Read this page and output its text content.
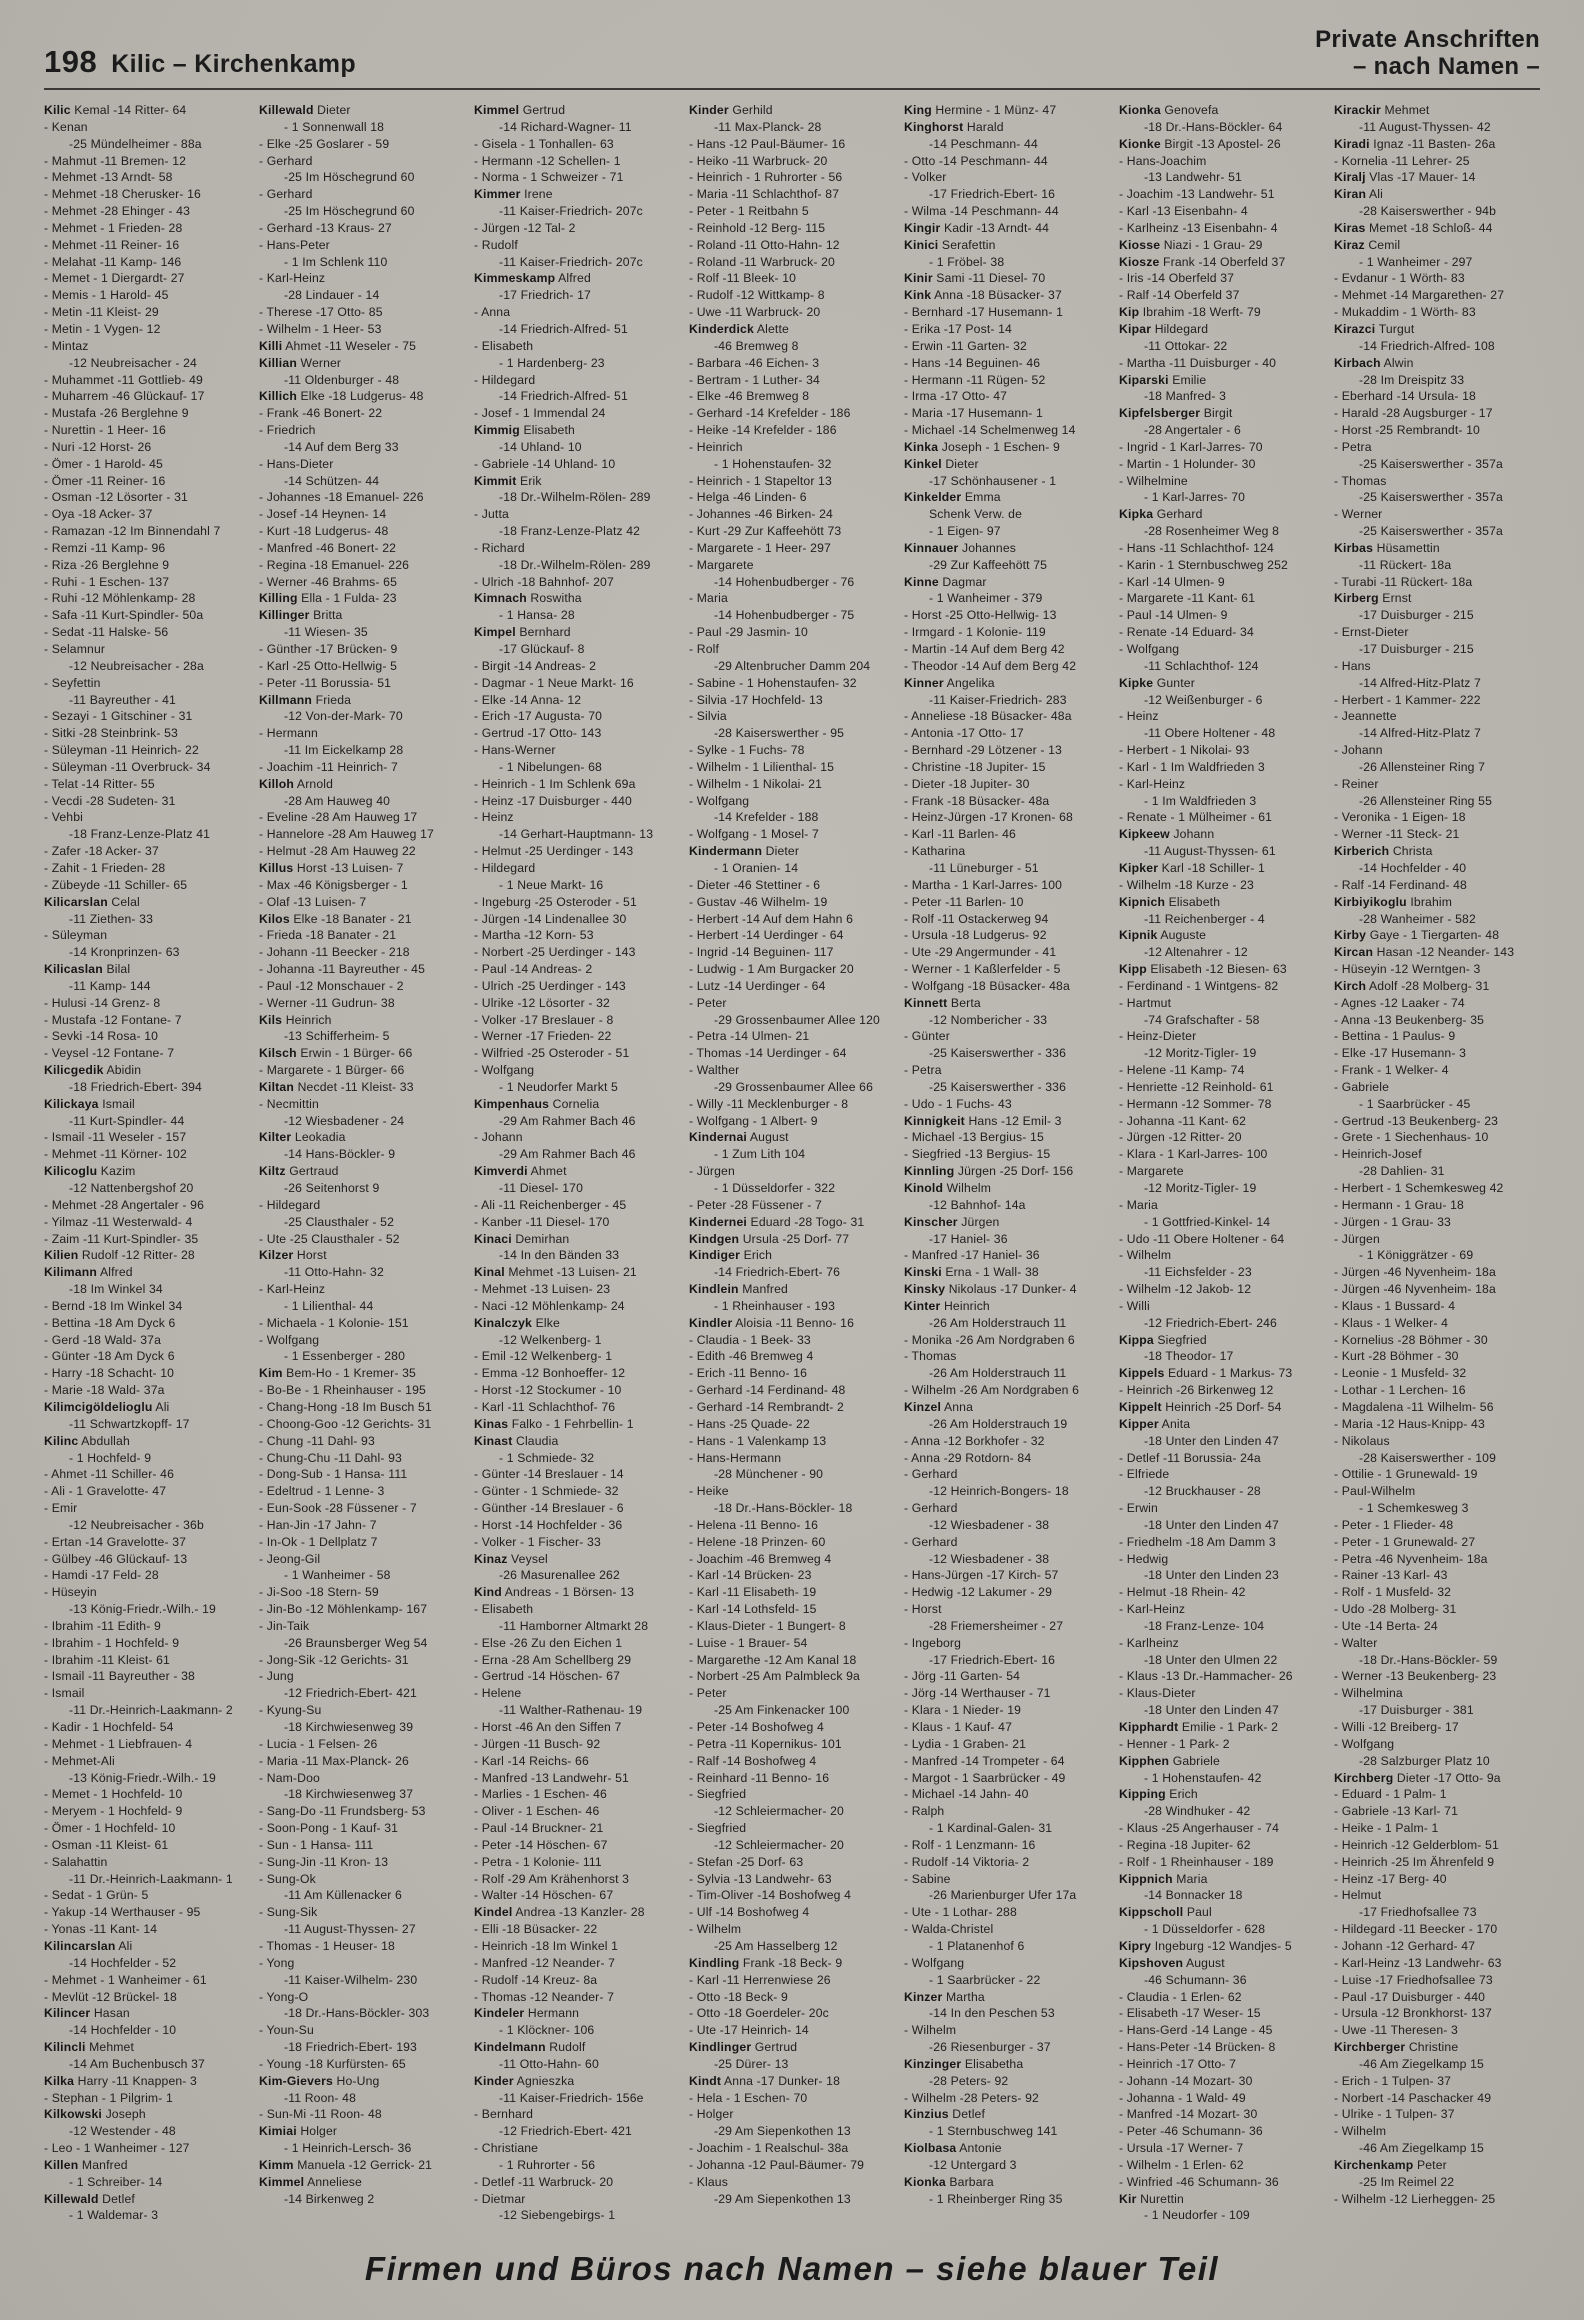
198 Kilic – Kirchenkamp
Private Anschriften
– nach Namen –
Kilic Kemal -14 Ritter- 64
- Kenan
-25 Mündelheimer - 88a
- Mahmut -11 Bremen- 12
- Mehmet -13 Arndt- 58
- Mehmet -18 Cherusker- 16
- Mehmet -28 Ehinger - 43
- Mehmet - 1 Frieden- 28
- Mehmet -11 Reiner- 16
- Melahat -11 Kamp- 146
- Memet - 1 Diergardt- 27
- Memis - 1 Harold- 45
- Metin -11 Kleist- 29
- Metin - 1 Vygen- 12
- Mintaz
-12 Neubreisacher - 24
- Muhammet -11 Gottlieb- 49
- Muharrem -46 Glückauf- 17
- Mustafa -26 Berglehne 9
- Nurettin - 1 Heer- 16
- Nuri -12 Horst- 26
- Ömer - 1 Harold- 45
- Ömer -11 Reiner- 16
- Osman -12 Lösorter - 31
- Oya -18 Acker- 37
- Ramazan -12 Im Binnendahl 7
- Remzi -11 Kamp- 96
- Riza -26 Berglehne 9
- Ruhi - 1 Eschen- 137
- Ruhi -12 Möhlenkamp- 28
- Safa -11 Kurt-Spindler- 50a
- Sedat -11 Halske- 56
- Selamnur
-12 Neubreisacher - 28a
- Seyfettin
-11 Bayreuther - 41
- Sezayi - 1 Gitschiner - 31
- Sitki -28 Steinbrink- 53
- Süleyman -11 Heinrich- 22
- Süleyman -11 Overbruck- 34
- Telat -14 Ritter- 55
- Vecdi -28 Sudeten- 31
- Vehbi
-18 Franz-Lenze-Platz 41
- Zafer -18 Acker- 37
- Zahit - 1 Frieden- 28
- Zübeyde -11 Schiller- 65
Kilicarslan Celal
-11 Ziethen- 33
- Süleyman
-14 Kronprinzen- 63
Kilicaslan Bilal
-11 Kamp- 144
- Hulusi -14 Grenz- 8
- Mustafa -12 Fontane- 7
- Sevki -14 Rosa- 10
- Veysel -12 Fontane- 7
Kilicgedik Abidin
-18 Friedrich-Ebert- 394
Kilickaya Ismail
-11 Kurt-Spindler- 44
- Ismail -11 Weseler - 157
- Mehmet -11 Körner- 102
Kilicoglu Kazim
-12 Nattenbergshof 20
- Mehmet -28 Angertaler - 96
- Yilmaz -11 Westerwald- 4
- Zaim -11 Kurt-Spindler- 35
Kilien Rudolf -12 Ritter- 28
Kilimann Alfred
-18 Im Winkel 34
- Bernd -18 Im Winkel 34
- Bettina -18 Am Dyck 6
- Gerd -18 Wald- 37a
- Günter -18 Am Dyck 6
- Harry -18 Schacht- 10
- Marie -18 Wald- 37a
Kilimcigöldelioglu Ali
-11 Schwartzkopff- 17
Kilinc Abdullah
- 1 Hochfeld- 9
- Ahmet -11 Schiller- 46
- Ali - 1 Gravelotte- 47
- Emir
-12 Neubreisacher - 36b
- Ertan -14 Gravelotte- 37
- Gülbey -46 Glückauf- 13
- Hamdi -17 Feld- 28
- Hüseyin
-13 König-Friedr.-Wilh.- 19
- Ibrahim -11 Edith- 9
- Ibrahim - 1 Hochfeld- 9
- Ibrahim -11 Kleist- 61
- Ismail -11 Bayreuther - 38
- Ismail
-11 Dr.-Heinrich-Laakmann- 2
- Kadir - 1 Hochfeld- 54
- Mehmet - 1 Liebfrauen- 4
- Mehmet-Ali
-13 König-Friedr.-Wilh.- 19
- Memet - 1 Hochfeld- 10
- Meryem - 1 Hochfeld- 9
- Ömer - 1 Hochfeld- 10
- Osman -11 Kleist- 61
- Salahattin
-11 Dr.-Heinrich-Laakmann- 1
- Sedat - 1 Grün- 5
- Yakup -14 Werthauser - 95
- Yonas -11 Kant- 14
Kilincarslan Ali
-14 Hochfelder - 52
- Mehmet - 1 Wanheimer - 61
- Mevlüt -12 Brückel- 18
Kilincer Hasan
-14 Hochfelder - 10
Kilincli Mehmet
-14 Am Buchenbusch 37
Kilka Harry -11 Knappen- 3
- Stephan - 1 Pilgrim- 1
Kilkowski Joseph
-12 Westender - 48
- Leo - 1 Wanheimer - 127
Killen Manfred
- 1 Schreiber- 14
Killewald Detlef
- 1 Waldemar- 3
Killewald Dieter
- 1 Sonnenwall 18
- Elke -25 Goslarer - 59
- Gerhard
-25 Im Höschegrund 60
- Gerhard
-25 Im Höschegrund 60
- Gerhard -13 Kraus- 27
- Hans-Peter
- 1 Im Schlenk 110
- Karl-Heinz
-28 Lindauer - 14
- Therese -17 Otto- 85
- Wilhelm - 1 Heer- 53
Killi Ahmet -11 Weseler - 75
Killian Werner
-11 Oldenburger - 48
Killich Elke -18 Ludgerus- 48
- Frank -46 Bonert- 22
- Friedrich
-14 Auf dem Berg 33
- Hans-Dieter
-14 Schützen- 44
- Johannes -18 Emanuel- 226
- Josef -14 Heynen- 14
- Kurt -18 Ludgerus- 48
- Manfred -46 Bonert- 22
- Regina -18 Emanuel- 226
- Werner -46 Brahms- 65
Killing Ella - 1 Fulda- 23
Killinger Britta
-11 Wiesen- 35
- Günther -17 Brücken- 9
- Karl -25 Otto-Hellwig- 5
- Peter -11 Borussia- 51
Killmann Frieda
-12 Von-der-Mark- 70
- Hermann
-11 Im Eickelkamp 28
- Joachim -11 Heinrich- 7
Killoh Arnold
-28 Am Hauweg 40
- Eveline -28 Am Hauweg 17
- Hannelore -28 Am Hauweg 17
- Helmut -28 Am Hauweg 22
Killus Horst -13 Luisen- 7
- Max -46 Königsberger - 1
- Olaf -13 Luisen- 7
Kilos Elke -18 Banater - 21
- Frieda -18 Banater - 21
- Johann -11 Beecker - 218
- Johanna -11 Bayreuther - 45
- Paul -12 Monschauer - 2
- Werner -11 Gudrun- 38
Kils Heinrich
-13 Schifferheim- 5
Kilsch Erwin - 1 Bürger- 66
- Margarete - 1 Bürger- 66
Kiltan Necdet -11 Kleist- 33
- Necmittin
-12 Wiesbadener - 24
Kilter Leokadia
-14 Hans-Böckler- 9
Kiltz Gertraud
-26 Seitenhorst 9
- Hildegard
-25 Clausthaler - 52
- Ute -25 Clausthaler - 52
Kilzer Horst
-11 Otto-Hahn- 32
- Karl-Heinz
- 1 Lilienthal- 44
- Michaela - 1 Kolonie- 151
- Wolfgang
- 1 Essenberger - 280
Kim Bem-Ho - 1 Kremer- 35
- Bo-Be - 1 Rheinhauser - 195
- Chang-Hong -18 Im Busch 51
- Choong-Goo -12 Gerichts- 31
- Chung -11 Dahl- 93
- Chung-Chu -11 Dahl- 93
- Dong-Sub - 1 Hansa- 111
- Edeltrud - 1 Lenne- 3
- Eun-Sook -28 Füssener - 7
- Han-Jin -17 Jahn- 7
- In-Ok - 1 Dellplatz 7
- Jeong-Gil
- 1 Wanheimer - 58
- Ji-Soo -18 Stern- 59
- Jin-Bo -12 Möhlenkamp- 167
- Jin-Taik
-26 Braunsberger Weg 54
- Jong-Sik -12 Gerichts- 31
- Jung
-12 Friedrich-Ebert- 421
- Kyung-Su
-18 Kirchwiesenweg 39
- Lucia - 1 Felsen- 26
- Maria -11 Max-Planck- 26
- Nam-Doo
-18 Kirchwiesenweg 37
- Sang-Do -11 Frundsberg- 53
- Soon-Pong - 1 Kauf- 31
- Sun - 1 Hansa- 111
- Sung-Jin -11 Kron- 13
- Sung-Ok
-11 Am Küllenacker 6
- Sung-Sik
-11 August-Thyssen- 27
- Thomas - 1 Heuser- 18
- Yong
-11 Kaiser-Wilhelm- 230
- Yong-O
-18 Dr.-Hans-Böckler- 303
- Youn-Su
-18 Friedrich-Ebert- 193
- Young -18 Kurfürsten- 65
Kim-Gievers Ho-Ung
-11 Roon- 48
- Sun-Mi -11 Roon- 48
Kimiai Holger
- 1 Heinrich-Lersch- 36
Kimm Manuela -12 Gerrick- 21
Kimmel Anneliese
-14 Birkenweg 2
Kimmel Gertrud
-14 Richard-Wagner- 11
- Gisela - 1 Tonhallen- 63
- Hermann -12 Schellen- 1
- Norma - 1 Schweizer - 71
Kimmer Irene
-11 Kaiser-Friedrich- 207c
- Jürgen -12 Tal- 2
- Rudolf
-11 Kaiser-Friedrich- 207c
Kimmeskamp Alfred
-17 Friedrich- 17
- Anna
-14 Friedrich-Alfred- 51
- Elisabeth
- 1 Hardenberg- 23
- Hildegard
-14 Friedrich-Alfred- 51
- Josef - 1 Immendal 24
Kimmig Elisabeth
-14 Uhland- 10
- Gabriele -14 Uhland- 10
Kimmit Erik
-18 Dr.-Wilhelm-Rölen- 289
- Jutta
-18 Franz-Lenze-Platz 42
- Richard
-18 Dr.-Wilhelm-Rölen- 289
- Ulrich -18 Bahnhof- 207
Kimnach Roswitha
- 1 Hansa- 28
Kimpel Bernhard
-17 Glückauf- 8
- Birgit -14 Andreas- 2
- Dagmar - 1 Neue Markt- 16
- Elke -14 Anna- 12
- Erich -17 Augusta- 70
- Gertrud -17 Otto- 143
- Hans-Werner
- 1 Nibelungen- 68
- Heinrich - 1 Im Schlenk 69a
- Heinz -17 Duisburger - 440
- Heinz
-14 Gerhart-Hauptmann- 13
- Helmut -25 Uerdinger - 143
- Hildegard
- 1 Neue Markt- 16
- Ingeburg -25 Osteroder - 51
- Jürgen -14 Lindenallee 30
- Martha -12 Korn- 53
- Norbert -25 Uerdinger - 143
- Paul -14 Andreas- 2
- Ulrich -25 Uerdinger - 143
- Ulrike -12 Lösorter - 32
- Volker -17 Breslauer - 8
- Werner -17 Frieden- 22
- Wilfried -25 Osteroder - 51
- Wolfgang
- 1 Neudorfer Markt 5
Kimpenhaus Cornelia
-29 Am Rahmer Bach 46
- Johann
-29 Am Rahmer Bach 46
Kimverdi Ahmet
-11 Diesel- 170
- Ali -11 Reichenberger - 45
- Kanber -11 Diesel- 170
Kinaci Demirhan
-14 In den Bänden 33
Kinal Mehmet -13 Luisen- 21
- Mehmet -13 Luisen- 23
- Naci -12 Möhlenkamp- 24
Kinalczyk Elke
-12 Welkenberg- 1
- Emil -12 Welkenberg- 1
- Emma -12 Bonhoeffer- 12
- Horst -12 Stockumer - 10
- Karl -11 Schlachthof- 76
Kinas Falko - 1 Fehrbellin- 1
Kinast Claudia
- 1 Schmiede- 32
- Günter -14 Breslauer - 14
- Günter - 1 Schmiede- 32
- Günther -14 Breslauer - 6
- Horst -14 Hochfelder - 36
- Volker - 1 Fischer- 33
Kinaz Veysel
-26 Masurenallee 262
Kind Andreas - 1 Börsen- 13
- Elisabeth
-11 Hamborner Altmarkt 28
- Else -26 Zu den Eichen 1
- Erna -28 Am Schellberg 29
- Gertrud -14 Höschen- 67
- Helene
-11 Walther-Rathenau- 19
- Horst -46 An den Siffen 7
- Jürgen -11 Busch- 92
- Karl -14 Reichs- 66
- Manfred -13 Landwehr- 51
- Marlies - 1 Eschen- 46
- Oliver - 1 Eschen- 46
- Paul -14 Bruckner- 21
- Peter -14 Höschen- 67
- Petra - 1 Kolonie- 111
- Rolf -29 Am Krähenhorst 3
- Walter -14 Höschen- 67
Kindel Andrea -13 Kanzler- 28
- Elli -18 Büsacker- 22
- Heinrich -18 Im Winkel 1
- Manfred -12 Neander- 7
- Rudolf -14 Kreuz- 8a
- Thomas -12 Neander- 7
Kindeler Hermann
- 1 Klöckner- 106
Kindelmann Rudolf
-11 Otto-Hahn- 60
Kinder Agnieszka
-11 Kaiser-Friedrich- 156e
- Bernhard
-12 Friedrich-Ebert- 421
- Christiane
- 1 Ruhrorter - 56
- Detlef -11 Warbruck- 20
- Dietmar
-12 Siebengebirgs- 1
Kinder Gerhild
-11 Max-Planck- 28
- Hans -12 Paul-Bäumer- 16
- Heiko -11 Warbruck- 20
- Heinrich - 1 Ruhrorter - 56
- Maria -11 Schlachthof- 87
- Peter - 1 Reitbahn 5
- Reinhold -12 Berg- 115
- Roland -11 Otto-Hahn- 12
- Roland -11 Warbruck- 20
- Rolf -11 Bleek- 10
- Rudolf -12 Wittkamp- 8
- Uwe -11 Warbruck- 20
Kinderdick Alette
-46 Bremweg 8
- Barbara -46 Eichen- 3
- Bertram - 1 Luther- 34
- Elke -46 Bremweg 8
- Gerhard -14 Krefelder - 186
- Heike -14 Krefelder - 186
- Heinrich
- 1 Hohenstaufen- 32
- Heinrich - 1 Stapeltor 13
- Helga -46 Linden- 6
- Johannes -46 Birken- 24
- Kurt -29 Zur Kaffeehött 73
- Margarete - 1 Heer- 297
- Margarete
-14 Hohenbudberger - 76
- Maria
-14 Hohenbudberger - 75
- Paul -29 Jasmin- 10
- Rolf
-29 Altenbrucher Damm 204
- Sabine - 1 Hohenstaufen- 32
- Silvia -17 Hochfeld- 13
- Silvia
-28 Kaiserswerther - 95
- Sylke - 1 Fuchs- 78
- Wilhelm - 1 Lilienthal- 15
- Wilhelm - 1 Nikolai- 21
- Wolfgang
-14 Krefelder - 188
- Wolfgang - 1 Mosel- 7
Kindermann Dieter
- 1 Oranien- 14
- Dieter -46 Stettiner - 6
- Gustav -46 Wilhelm- 19
- Herbert -14 Auf dem Hahn 6
- Herbert -14 Uerdinger - 64
- Ingrid -14 Beguinen- 117
- Ludwig - 1 Am Burgacker 20
- Lutz -14 Uerdinger - 64
- Peter
-29 Grossenbaumer Allee 120
- Petra -14 Ulmen- 21
- Thomas -14 Uerdinger - 64
- Walther
-29 Grossenbaumer Allee 66
- Willy -11 Mecklenburger - 8
- Wolfgang - 1 Albert- 9
Kindernai August
- 1 Zum Lith 104
- Jürgen
- 1 Düsseldorfer - 322
- Peter -28 Füssener - 7
Kindernei Eduard -28 Togo- 31
Kindgen Ursula -25 Dorf- 77
Kindiger Erich
-14 Friedrich-Ebert- 76
Kindlein Manfred
- 1 Rheinhauser - 193
Kindler Aloisia -11 Benno- 16
- Claudia - 1 Beek- 33
- Edith -46 Bremweg 4
- Erich -11 Benno- 16
- Gerhard -14 Ferdinand- 48
- Gerhard -14 Rembrandt- 2
- Hans -25 Quade- 22
- Hans - 1 Valenkamp 13
- Hans-Hermann
-28 Münchener - 90
- Heike
-18 Dr.-Hans-Böckler- 18
- Helena -11 Benno- 16
- Helene -18 Prinzen- 60
- Joachim -46 Bremweg 4
- Karl -14 Brücken- 23
- Karl -11 Elisabeth- 19
- Karl -14 Lothsfeld- 15
- Klaus-Dieter - 1 Bungert- 8
- Luise - 1 Brauer- 54
- Margarethe -12 Am Kanal 18
- Norbert -25 Am Palmbleck 9a
- Peter
-25 Am Finkenacker 100
- Peter -14 Boshofweg 4
- Petra -11 Kopernikus- 101
- Ralf -14 Boshofweg 4
- Reinhard -11 Benno- 16
- Siegfried
-12 Schleiermacher- 20
- Siegfried
-12 Schleiermacher- 20
- Stefan -25 Dorf- 63
- Sylvia -13 Landwehr- 63
- Tim-Oliver -14 Boshofweg 4
- Ulf -14 Boshofweg 4
- Wilhelm
-25 Am Hasselberg 12
Kindling Frank -18 Beck- 9
- Karl -11 Herrenwiese 26
- Otto -18 Beck- 9
- Otto -18 Goerdeler- 20c
- Ute -17 Heinrich- 14
Kindlinger Gertrud
-25 Dürer- 13
Kindt Anna -17 Dunker- 18
- Hela - 1 Eschen- 70
- Holger
-29 Am Siepenkothen 13
- Joachim - 1 Realschul- 38a
- Johanna -12 Paul-Bäumer- 79
- Klaus
-29 Am Siepenkothen 13
King Hermine - 1 Münz- 47
Kinghorst Harald
-14 Peschmann- 44
- Otto -14 Peschmann- 44
- Volker
-17 Friedrich-Ebert- 16
- Wilma -14 Peschmann- 44
Kingir Kadir -13 Arndt- 44
Kinici Serafettin
- 1 Fröbel- 38
Kinir Sami -11 Diesel- 70
Kink Anna -18 Büsacker- 37
- Bernhard -17 Husemann- 1
- Erika -17 Post- 14
- Erwin -11 Garten- 32
- Hans -14 Beguinen- 46
- Hermann -11 Rügen- 52
- Irma -17 Otto- 47
- Maria -17 Husemann- 1
- Michael -14 Schelmenweg 14
Kinka Joseph - 1 Eschen- 9
Kinkel Dieter
-17 Schönhausener - 1
Kinkelder Emma
Schenk Verw. de
- 1 Eigen- 97
Kinnauer Johannes
-29 Zur Kaffeehött 75
Kinne Dagmar
- 1 Wanheimer - 379
- Horst -25 Otto-Hellwig- 13
- Irmgard - 1 Kolonie- 119
- Martin -14 Auf dem Berg 42
- Theodor -14 Auf dem Berg 42
Kinner Angelika
-11 Kaiser-Friedrich- 283
- Anneliese -18 Büsacker- 48a
- Antonia -17 Otto- 17
- Bernhard -29 Lötzener - 13
- Christine -18 Jupiter- 15
- Dieter -18 Jupiter- 30
- Frank -18 Büsacker- 48a
- Heinz-Jürgen -17 Kronen- 68
- Karl -11 Barlen- 46
- Katharina
-11 Lüneburger - 51
- Martha - 1 Karl-Jarres- 100
- Peter -11 Barlen- 10
- Rolf -11 Ostackerweg 94
- Ursula -18 Ludgerus- 92
- Ute -29 Angermunder - 41
- Werner - 1 Kaßlerfelder - 5
- Wolfgang -18 Büsacker- 48a
Kinnett Berta
-12 Nombericher - 33
- Günter
-25 Kaiserswerther - 336
- Petra
-25 Kaiserswerther - 336
- Udo - 1 Fuchs- 43
Kinnigkeit Hans -12 Emil- 3
- Michael -13 Bergius- 15
- Siegfried -13 Bergius- 15
Kinnling Jürgen -25 Dorf- 156
Kinold Wilhelm
-12 Bahnhof- 14a
Kinscher Jürgen
-17 Haniel- 36
- Manfred -17 Haniel- 36
Kinski Erna - 1 Wall- 38
Kinsky Nikolaus -17 Dunker- 4
Kinter Heinrich
-26 Am Holderstrauch 11
- Monika -26 Am Nordgraben 6
- Thomas
-26 Am Holderstrauch 11
- Wilhelm -26 Am Nordgraben 6
Kinzel Anna
-26 Am Holderstrauch 19
- Anna -12 Borkhofer - 32
- Anna -29 Rotdorn- 84
- Gerhard
-12 Heinrich-Bongers- 18
- Gerhard
-12 Wiesbadener - 38
- Gerhard
-12 Wiesbadener - 38
- Hans-Jürgen -17 Kirch- 57
- Hedwig -12 Lakumer - 29
- Horst
-28 Friemersheimer - 27
- Ingeborg
-17 Friedrich-Ebert- 16
- Jörg -11 Garten- 54
- Jörg -14 Werthauser - 71
- Klara - 1 Nieder- 19
- Klaus - 1 Kauf- 47
- Lydia - 1 Graben- 21
- Manfred -14 Trompeter - 64
- Margot - 1 Saarbrücker - 49
- Michael -14 Jahn- 40
- Ralph
- 1 Kardinal-Galen- 31
- Rolf - 1 Lenzmann- 16
- Rudolf -14 Viktoria- 2
- Sabine
-26 Marienburger Ufer 17a
- Ute - 1 Lothar- 288
- Walda-Christel
- 1 Platanenhof 6
- Wolfgang
- 1 Saarbrücker - 22
Kinzer Martha
-14 In den Peschen 53
- Wilhelm
-26 Riesenburger - 37
Kinzinger Elisabetha
-28 Peters- 92
- Wilhelm -28 Peters- 92
Kinzius Detlef
- 1 Sternbuschweg 141
Kiolbasa Antonie
-12 Untergard 3
Kionka Barbara
- 1 Rheinberger Ring 35
Kionka Genovefa
-18 Dr.-Hans-Böckler- 64
Kionke Birgit -13 Apostel- 26
- Hans-Joachim
-13 Landwehr- 51
- Joachim -13 Landwehr- 51
- Karl -13 Eisenbahn- 4
- Karlheinz -13 Eisenbahn- 4
Kiosse Niazi - 1 Grau- 29
Kiosze Frank -14 Oberfeld 37
- Iris -14 Oberfeld 37
- Ralf -14 Oberfeld 37
Kip Ibrahim -18 Werft- 79
Kipar Hildegard
-11 Ottokar- 22
- Martha -11 Duisburger - 40
Kiparski Emilie
-18 Manfred- 3
Kipfelsberger Birgit
-28 Angertaler - 6
- Ingrid - 1 Karl-Jarres- 70
- Martin - 1 Holunder- 30
- Wilhelmine
- 1 Karl-Jarres- 70
Kipka Gerhard
-28 Rosenheimer Weg 8
- Hans -11 Schlachthof- 124
- Karin - 1 Sternbuschweg 252
- Karl -14 Ulmen- 9
- Margarete -11 Kant- 61
- Paul -14 Ulmen- 9
- Renate -14 Eduard- 34
- Wolfgang
-11 Schlachthof- 124
Kipke Gunter
-12 Weißenburger - 6
- Heinz
-11 Obere Holtener - 48
- Herbert - 1 Nikolai- 93
- Karl - 1 Im Waldfrieden 3
- Karl-Heinz
- 1 Im Waldfrieden 3
- Renate - 1 Mülheimer - 61
Kipkeew Johann
-11 August-Thyssen- 61
Kipker Karl -18 Schiller- 1
- Wilhelm -18 Kurze - 23
Kipnich Elisabeth
-11 Reichenberger - 4
Kipnik Auguste
-12 Altenahrer - 12
Kipp Elisabeth -12 Biesen- 63
- Ferdinand - 1 Wintgens- 82
- Hartmut
-74 Grafschafter - 58
- Heinz-Dieter
-12 Moritz-Tigler- 19
- Helene -11 Kamp- 74
- Henriette -12 Reinhold- 61
- Hermann -12 Sommer- 78
- Johanna -11 Kant- 62
- Jürgen -12 Ritter- 20
- Klara - 1 Karl-Jarres- 100
- Margarete
-12 Moritz-Tigler- 19
- Maria
- 1 Gottfried-Kinkel- 14
- Udo -11 Obere Holtener - 64
- Wilhelm
-11 Eichsfelder - 23
- Wilhelm -12 Jakob- 12
- Willi
-12 Friedrich-Ebert- 246
Kippa Siegfried
-18 Theodor- 17
Kippels Eduard - 1 Markus- 73
- Heinrich -26 Birkenweg 12
Kippelt Heinrich -25 Dorf- 54
Kipper Anita
-18 Unter den Linden 47
- Detlef -11 Borussia- 24a
- Elfriede
-12 Bruckhauser - 28
- Erwin
-18 Unter den Linden 47
- Friedhelm -18 Am Damm 3
- Hedwig
-18 Unter den Linden 23
- Helmut -18 Rhein- 42
- Karl-Heinz
-18 Franz-Lenze- 104
- Karlheinz
-18 Unter den Ulmen 22
- Klaus -13 Dr.-Hammacher- 26
- Klaus-Dieter
-18 Unter den Linden 47
Kipphardt Emilie - 1 Park- 2
- Henner - 1 Park- 2
Kipphen Gabriele
- 1 Hohenstaufen- 42
Kipping Erich
-28 Windhuker - 42
- Klaus -25 Angerhauser - 74
- Regina -18 Jupiter- 62
- Rolf - 1 Rheinhauser - 189
Kippnich Maria
-14 Bonnacker 18
Kippscholl Paul
- 1 Düsseldorfer - 628
Kipry Ingeburg -12 Wandjes- 5
Kipshoven August
-46 Schumann- 36
- Claudia - 1 Erlen- 62
- Elisabeth -17 Weser- 15
- Hans-Gerd -14 Lange - 45
- Hans-Peter -14 Brücken- 8
- Heinrich -17 Otto- 7
- Johann -14 Mozart- 30
- Johanna - 1 Wald- 49
- Manfred -14 Mozart- 30
- Peter -46 Schumann- 36
- Ursula -17 Werner- 7
- Wilhelm - 1 Erlen- 62
- Winfried -46 Schumann- 36
Kir Nurettin
- 1 Neudorfer - 109
Kirackir Mehmet
-11 August-Thyssen- 42
Kiradi Ignaz -11 Basten- 26a
- Kornelia -11 Lehrer- 25
Kiralj Vlas -17 Mauer- 14
Kiran Ali
-28 Kaiserswerther - 94b
Kiras Memet -18 Schloß- 44
Kiraz Cemil
- 1 Wanheimer - 297
- Evdanur - 1 Wörth- 83
- Mehmet -14 Margarethen- 27
- Mukaddim - 1 Wörth- 83
Kirazci Turgut
-14 Friedrich-Alfred- 108
Kirbach Alwin
-28 Im Dreispitz 33
- Eberhard -14 Ursula- 18
- Harald -28 Augsburger - 17
- Horst -25 Rembrandt- 10
- Petra
-25 Kaiserswerther - 357a
- Thomas
-25 Kaiserswerther - 357a
- Werner
-25 Kaiserswerther - 357a
Kirbas Hüsamettin
-11 Rückert- 18a
- Turabi -11 Rückert- 18a
Kirberg Ernst
-17 Duisburger - 215
- Ernst-Dieter
-17 Duisburger - 215
- Hans
-14 Alfred-Hitz-Platz 7
- Herbert - 1 Kammer- 222
- Jeannette
-14 Alfred-Hitz-Platz 7
- Johann
-26 Allensteiner Ring 7
- Reiner
-26 Allensteiner Ring 55
- Veronika - 1 Eigen- 18
- Werner -11 Steck- 21
Kirberich Christa
-14 Hochfelder - 40
- Ralf -14 Ferdinand- 48
Kirbiyikoglu Ibrahim
-28 Wanheimer - 582
Kirby Gaye - 1 Tiergarten- 48
Kircan Hasan -12 Neander- 143
- Hüseyin -12 Werntgen- 3
Kirch Adolf -28 Molberg- 31
- Agnes -12 Laaker - 74
- Anna -13 Beukenberg- 35
- Bettina - 1 Paulus- 9
- Elke -17 Husemann- 3
- Frank - 1 Welker- 4
- Gabriele
- 1 Saarbrücker - 45
- Gertrud -13 Beukenberg- 23
- Grete - 1 Siechenhaus- 10
- Heinrich-Josef
-28 Dahlien- 31
- Herbert - 1 Schemkesweg 42
- Hermann - 1 Grau- 18
- Jürgen - 1 Grau- 33
- Jürgen
- 1 Königgrätzer - 69
- Jürgen -46 Nyvenheim- 18a
- Jürgen -46 Nyvenheim- 18a
- Klaus - 1 Bussard- 4
- Klaus - 1 Welker- 4
- Kornelius -28 Böhmer - 30
- Kurt -28 Böhmer - 30
- Leonie - 1 Musfeld- 32
- Lothar - 1 Lerchen- 16
- Magdalena -11 Wilhelm- 56
- Maria -12 Haus-Knipp- 43
- Nikolaus
-28 Kaiserswerther - 109
- Ottilie - 1 Grunewald- 19
- Paul-Wilhelm
- 1 Schemkesweg 3
- Peter - 1 Flieder- 48
- Peter - 1 Grunewald- 27
- Petra -46 Nyvenheim- 18a
- Rainer -13 Karl- 43
- Rolf - 1 Musfeld- 32
- Udo -28 Molberg- 31
- Ute -14 Berta- 24
- Walter
-18 Dr.-Hans-Böckler- 59
- Werner -13 Beukenberg- 23
- Wilhelmina
-17 Duisburger - 381
- Willi -12 Breiberg- 17
- Wolfgang
-28 Salzburger Platz 10
Kirchberg Dieter -17 Otto- 9a
- Eduard - 1 Palm- 1
- Gabriele -13 Karl- 71
- Heike - 1 Palm- 1
- Heinrich -12 Gelderblom- 51
- Heinrich -25 Im Ährenfeld 9
- Heinz -17 Berg- 40
- Helmut
-17 Friedhofsallee 73
- Hildegard -11 Beecker - 170
- Johann -12 Gerhard- 47
- Karl-Heinz -13 Landwehr- 63
- Luise -17 Friedhofsallee 73
- Paul -17 Duisburger - 440
- Ursula -12 Bronkhorst- 137
- Uwe -11 Theresen- 3
Kirchberger Christine
-46 Am Ziegelkamp 15
- Erich - 1 Tulpen- 37
- Norbert -14 Paschacker 49
- Ulrike - 1 Tulpen- 37
- Wilhelm
-46 Am Ziegelkamp 15
Kirchenkamp Peter
-25 Im Reimel 22
- Wilhelm -12 Lierheggen- 25
Firmen und Büros nach Namen – siehe blauer Teil
